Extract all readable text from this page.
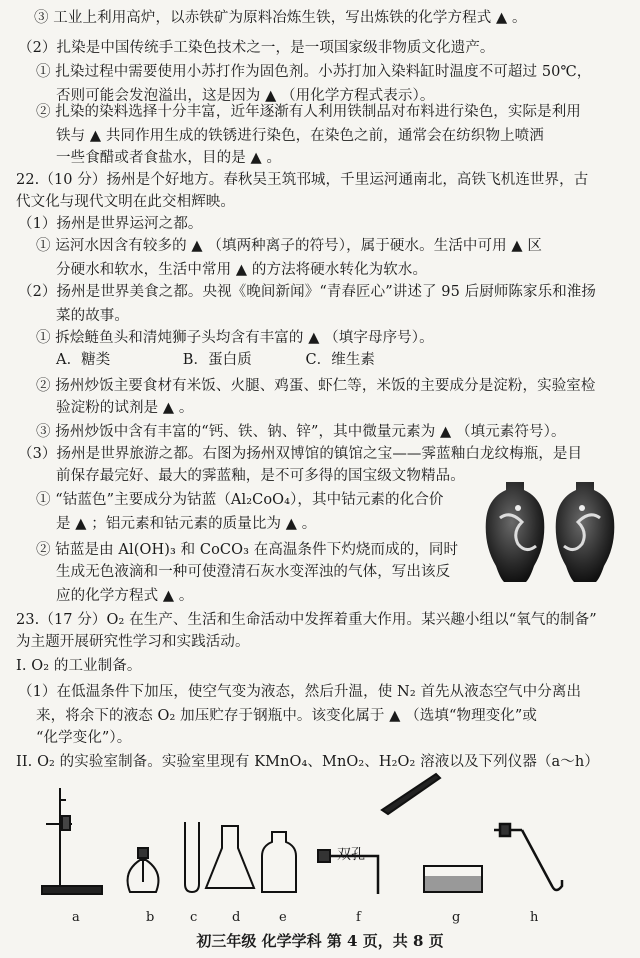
③ 工业上利用高炉，以赤铁矿为原料冶炼生铁，写出炼铁的化学方程式 ▲ 。
（2）扎染是中国传统手工染色技术之一，是一项国家级非物质文化遗产。
① 扎染过程中需要使用小苏打作为固色剂。小苏打加入染料缸时温度不可超过 50℃，
否则可能会发泡溢出，这是因为 ▲ （用化学方程式表示）。
② 扎染的染料选择十分丰富，近年逐渐有人利用铁制品对布料进行染色，实际是利用
铁与 ▲ 共同作用生成的铁锈进行染色，在染色之前，通常会在纺织物上喷洒
一些食醋或者食盐水，目的是 ▲ 。
22.（10 分）扬州是个好地方。春秋吴王筑邗城，千里运河通南北，高铁飞机连世界，古
代文化与现代文明在此交相辉映。
（1）扬州是世界运河之都。
① 运河水因含有较多的 ▲ （填两种离子的符号），属于硬水。生活中可用 ▲ 区
分硬水和软水，生活中常用 ▲ 的方法将硬水转化为软水。
（2）扬州是世界美食之都。央视《晚间新闻》“青春匠心”讲述了 95 后厨师陈家乐和淮扬
菜的故事。
① 拆烩鲢鱼头和清炖狮子头均含有丰富的 ▲ （填字母序号）。
② 扬州炒饭主要食材有米饭、火腿、鸡蛋、虾仁等，米饭的主要成分是淀粉，实验室检
验淀粉的试剂是 ▲ 。
③ 扬州炒饭中含有丰富的“钙、铁、钠、锌”，其中微量元素为 ▲ （填元素符号）。
（3）扬州是世界旅游之都。右图为扬州双博馆的镇馆之宝——霁蓝釉白龙纹梅瓶，是目
前保存最完好、最大的霁蓝釉，是不可多得的国宝级文物精品。
① “钴蓝色”主要成分为钴蓝（Al₂CoO₄），其中钴元素的化合价
是 ▲ ；铝元素和钴元素的质量比为 ▲ 。
② 钴蓝是由 Al(OH)₃ 和 CoCO₃ 在高温条件下灼烧而成的，同时
生成无色液滴和一种可使澄清石灰水变浑浊的气体，写出该反
应的化学方程式 ▲ 。
23.（17 分）O₂ 在生产、生活和生命活动中发挥着重大作用。某兴趣小组以“氧气的制备”
为主题开展研究性学习和实践活动。
I. O₂ 的工业制备。
（1）在低温条件下加压，使空气变为液态，然后升温，使 N₂ 首先从液态空气中分离出
来，将余下的液态 O₂ 加压贮存于钢瓶中。该变化属于 ▲ （选填“物理变化”或
“化学变化”）。
II. O₂ 的实验室制备。实验室里现有 KMnO₄、MnO₂、H₂O₂ 溶液以及下列仪器（a～h）
A．糖类	B．蛋白质	C．维生素
双孔
a	b	c	d	e	f	g	h
初三年级 化学学科 第 4 页，共 8 页
